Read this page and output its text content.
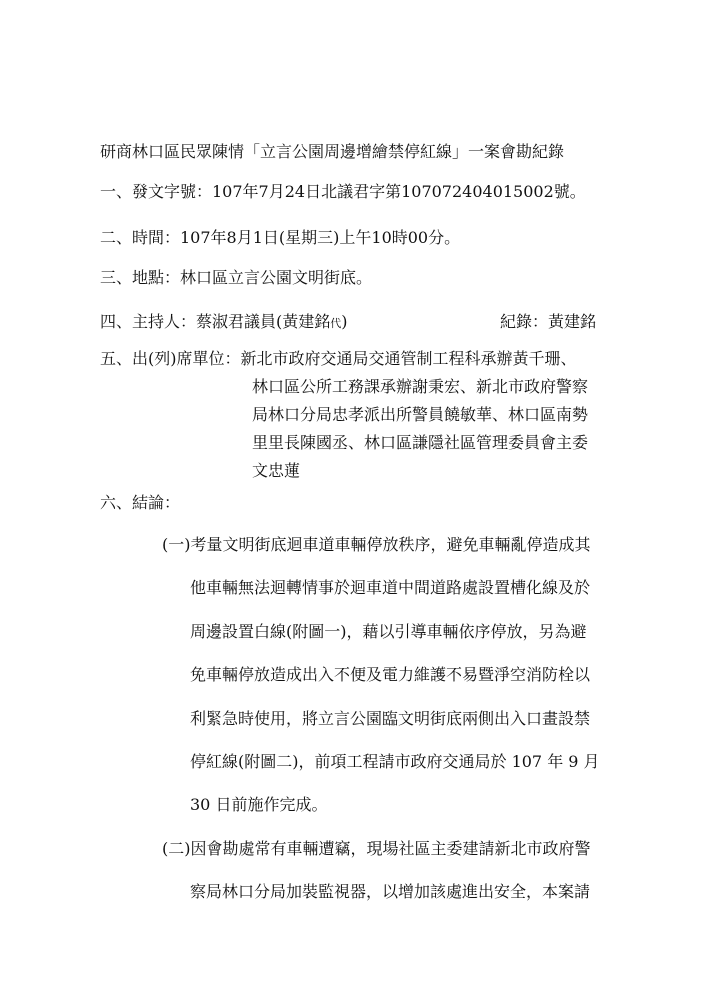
研商林口區民眾陳情「立言公園周邊增繪禁停紅線」一案會勘紀錄
一、發文字號：107年7月24日北議君字第107072404015002號。
二、時間：107年8月1日(星期三)上午10時00分。
三、地點：林口區立言公園文明街底。
四、主持人：蔡淑君議員(黃建銘代)	紀錄：黃建銘
五、出(列)席單位：新北市政府交通局交通管制工程科承辦黃千珊、
林口區公所工務課承辦謝秉宏、新北市政府警察
局林口分局忠孝派出所警員饒敏華、林口區南勢
里里長陳國丞、林口區謙隱社區管理委員會主委
文忠蓮
六、結論：
(一)考量文明街底迴車道車輛停放秩序，避免車輛亂停造成其
他車輛無法迴轉情事於迴車道中間道路處設置槽化線及於
周邊設置白線(附圖一)，藉以引導車輛依序停放，另為避
免車輛停放造成出入不便及電力維護不易暨淨空消防栓以
利緊急時使用，將立言公園臨文明街底兩側出入口畫設禁
停紅線(附圖二)，前項工程請市政府交通局於 107 年 9 月
30 日前施作完成。
(二)因會勘處常有車輛遭竊，現場社區主委建請新北市政府警
察局林口分局加裝監視器，以增加該處進出安全，本案請
